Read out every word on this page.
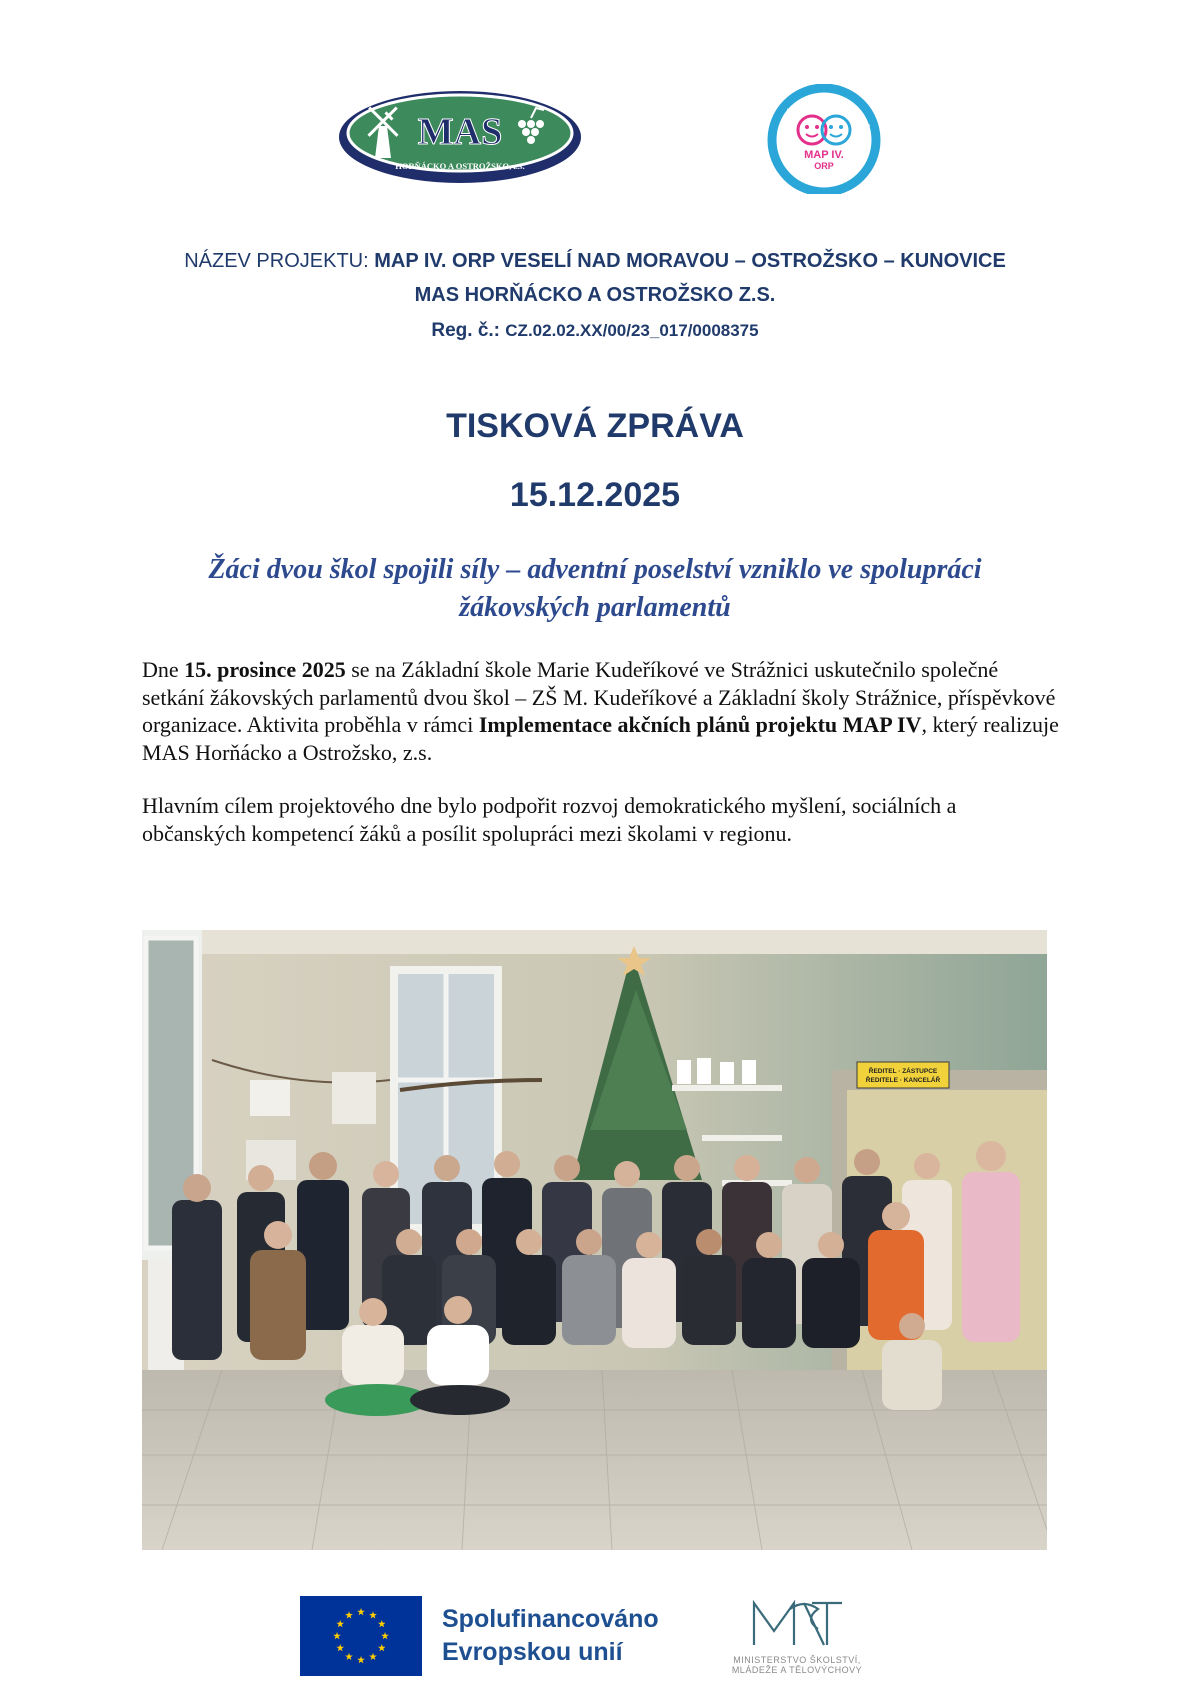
MAS
HORŇÁCKO A OSTROŽSKO, z.s.
VESELÍ NAD MORAVOU · OSTROŽSKO · KUNOVICE
MAP IV.
ORP
NÁZEV PROJEKTU: MAP IV. ORP VESELÍ NAD MORAVOU – OSTROŽSKO – KUNOVICE
MAS HORŇÁCKO A OSTROŽSKO Z.S.
Reg. č.: CZ.02.02.XX/00/23_017/0008375
TISKOVÁ ZPRÁVA
15.12.2025
Žáci dvou škol spojili síly – adventní poselství vzniklo ve spolupráci
žákovských parlamentů
Dne 15. prosince 2025 se na Základní škole Marie Kudeříkové ve Strážnici uskutečnilo společné setkání žákovských parlamentů dvou škol – ZŠ M. Kudeříkové a Základní školy Strážnice, příspěvkové organizace. Aktivita proběhla v rámci Implementace akčních plánů projektu MAP IV, který realizuje MAS Horňácko a Ostrožsko, z.s.
Hlavním cílem projektového dne bylo podpořit rozvoj demokratického myšlení, sociálních a občanských kompetencí žáků a posílit spolupráci mezi školami v regionu.
ŘEDITEL · ZÁSTUPCE
ŘEDITELE · KANCELÁŘ
Spolufinancováno
Evropskou unií	MINISTERSTVO ŠKOLSTVÍ,
MLÁDEŽE A TĚLOVÝCHOVY
